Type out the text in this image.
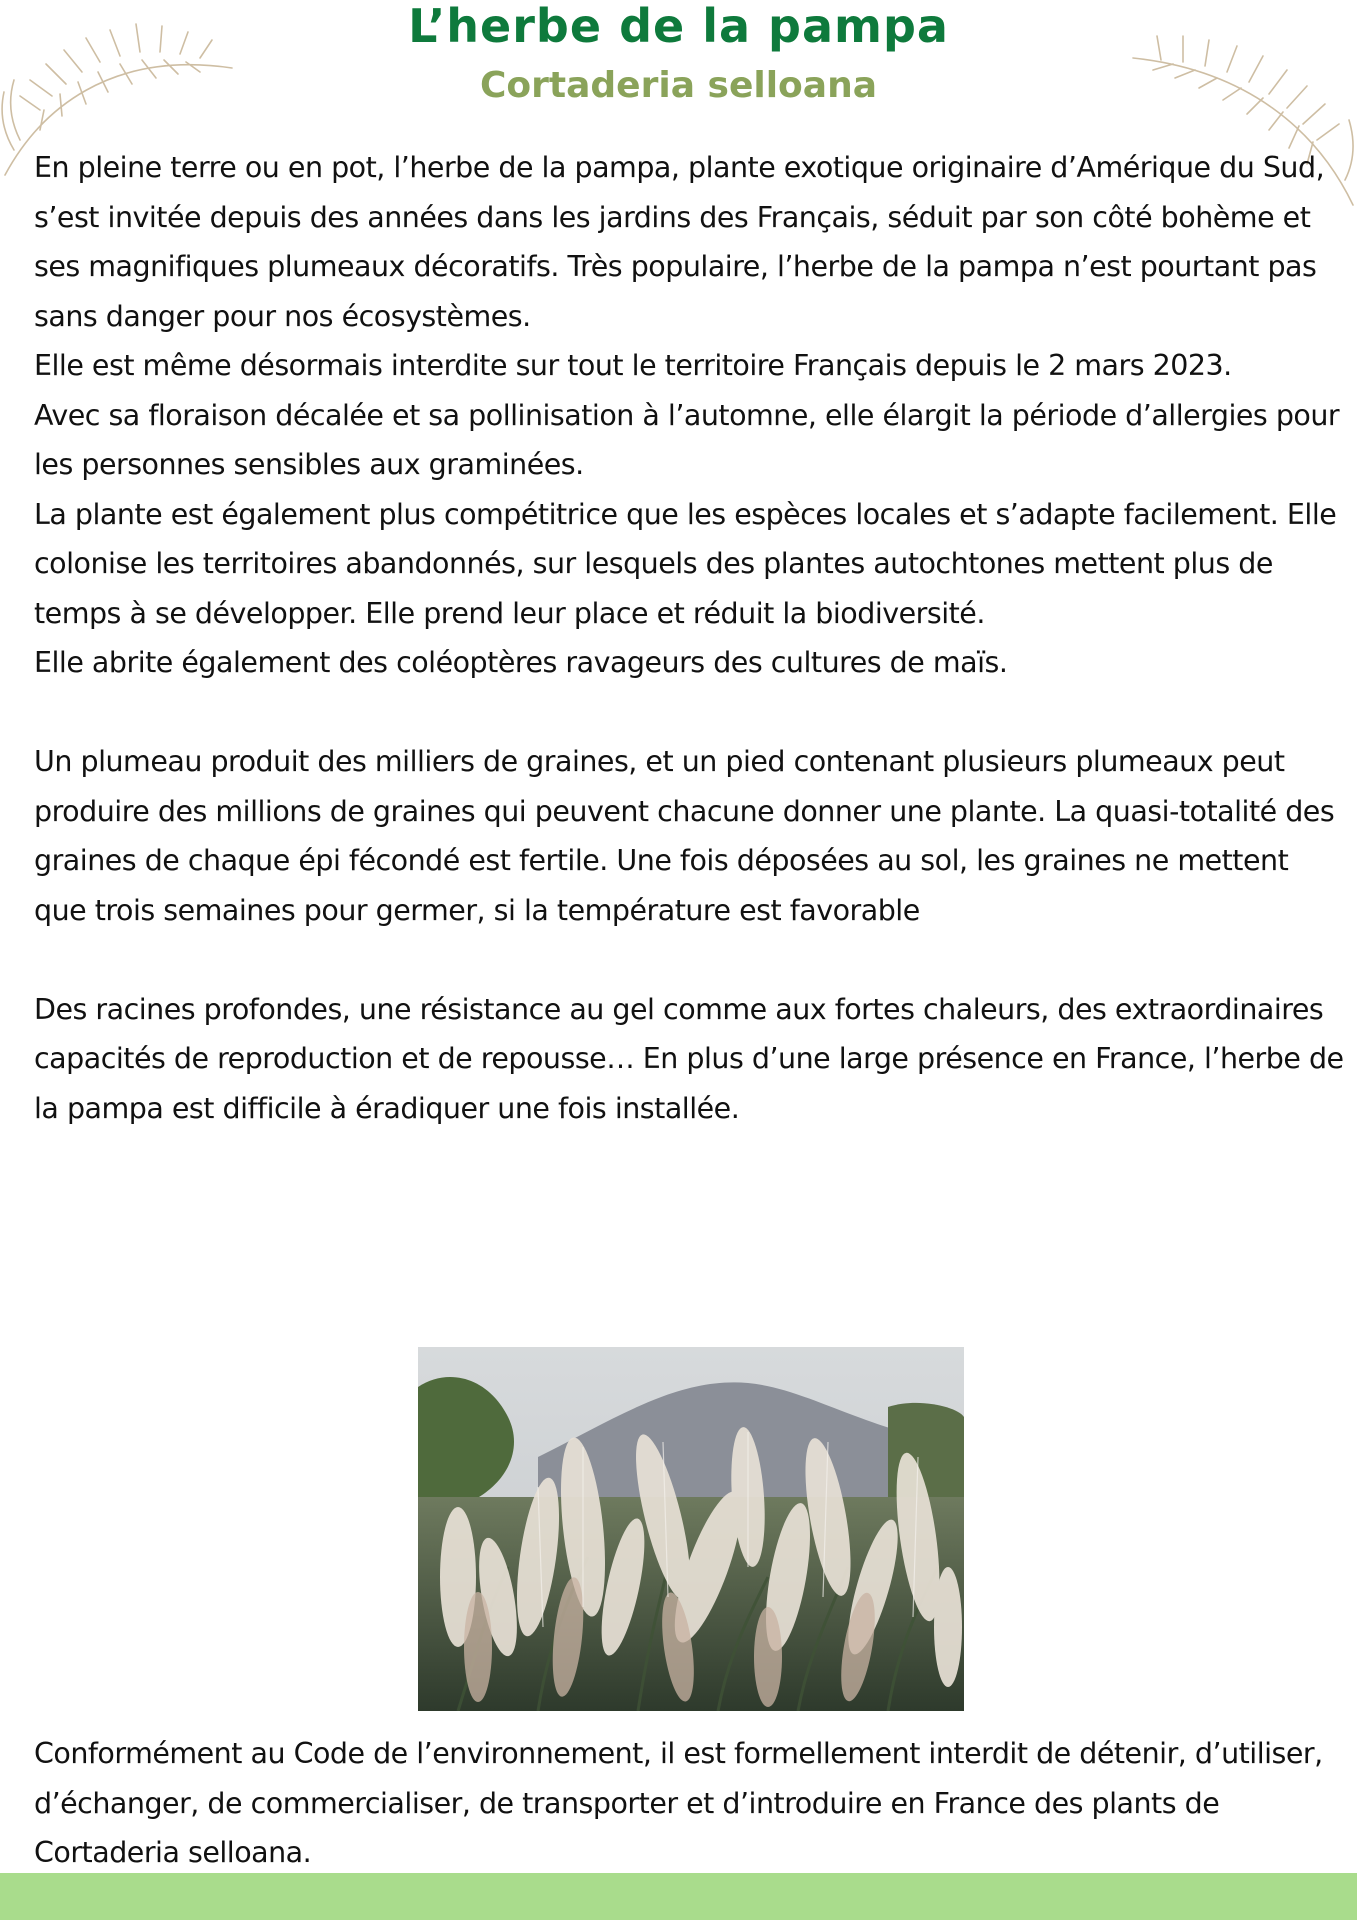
L’herbe de la pampa
Cortaderia selloana

En pleine terre ou en pot, l’herbe de la pampa, plante exotique originaire d’Amérique du Sud, s’est invitée depuis des années dans les jardins des Français, séduit par son côté bohème et ses magnifiques plumeaux décoratifs. Très populaire, l’herbe de la pampa n’est pourtant pas sans danger pour nos écosystèmes.

Elle est même désormais interdite sur tout le territoire Français depuis le 2 mars 2023.

Avec sa floraison décalée et sa pollinisation à l’automne, elle élargit la période d’allergies pour les personnes sensibles aux graminées.

La plante est également plus compétitrice que les espèces locales et s’adapte facilement. Elle colonise les territoires abandonnés, sur lesquels des plantes autochtones mettent plus de temps à se développer. Elle prend leur place et réduit la biodiversité.

Elle abrite également des coléoptères ravageurs des cultures de maïs.

Un plumeau produit des milliers de graines, et un pied contenant plusieurs plumeaux peut produire des millions de graines qui peuvent chacune donner une plante. La quasi-totalité des graines de chaque épi fécondé est fertile. Une fois déposées au sol, les graines ne mettent que trois semaines pour germer, si la température est favorable

Des racines profondes, une résistance au gel comme aux fortes chaleurs, des extraordinaires capacités de reproduction et de repousse… En plus d’une large présence en France, l’herbe de la pampa est difficile à éradiquer une fois installée.

Conformément au Code de l’environnement, il est formellement interdit de détenir, d’utiliser, d’échanger, de commercialiser, de transporter et d’introduire en France des plants de Cortaderia selloana.
